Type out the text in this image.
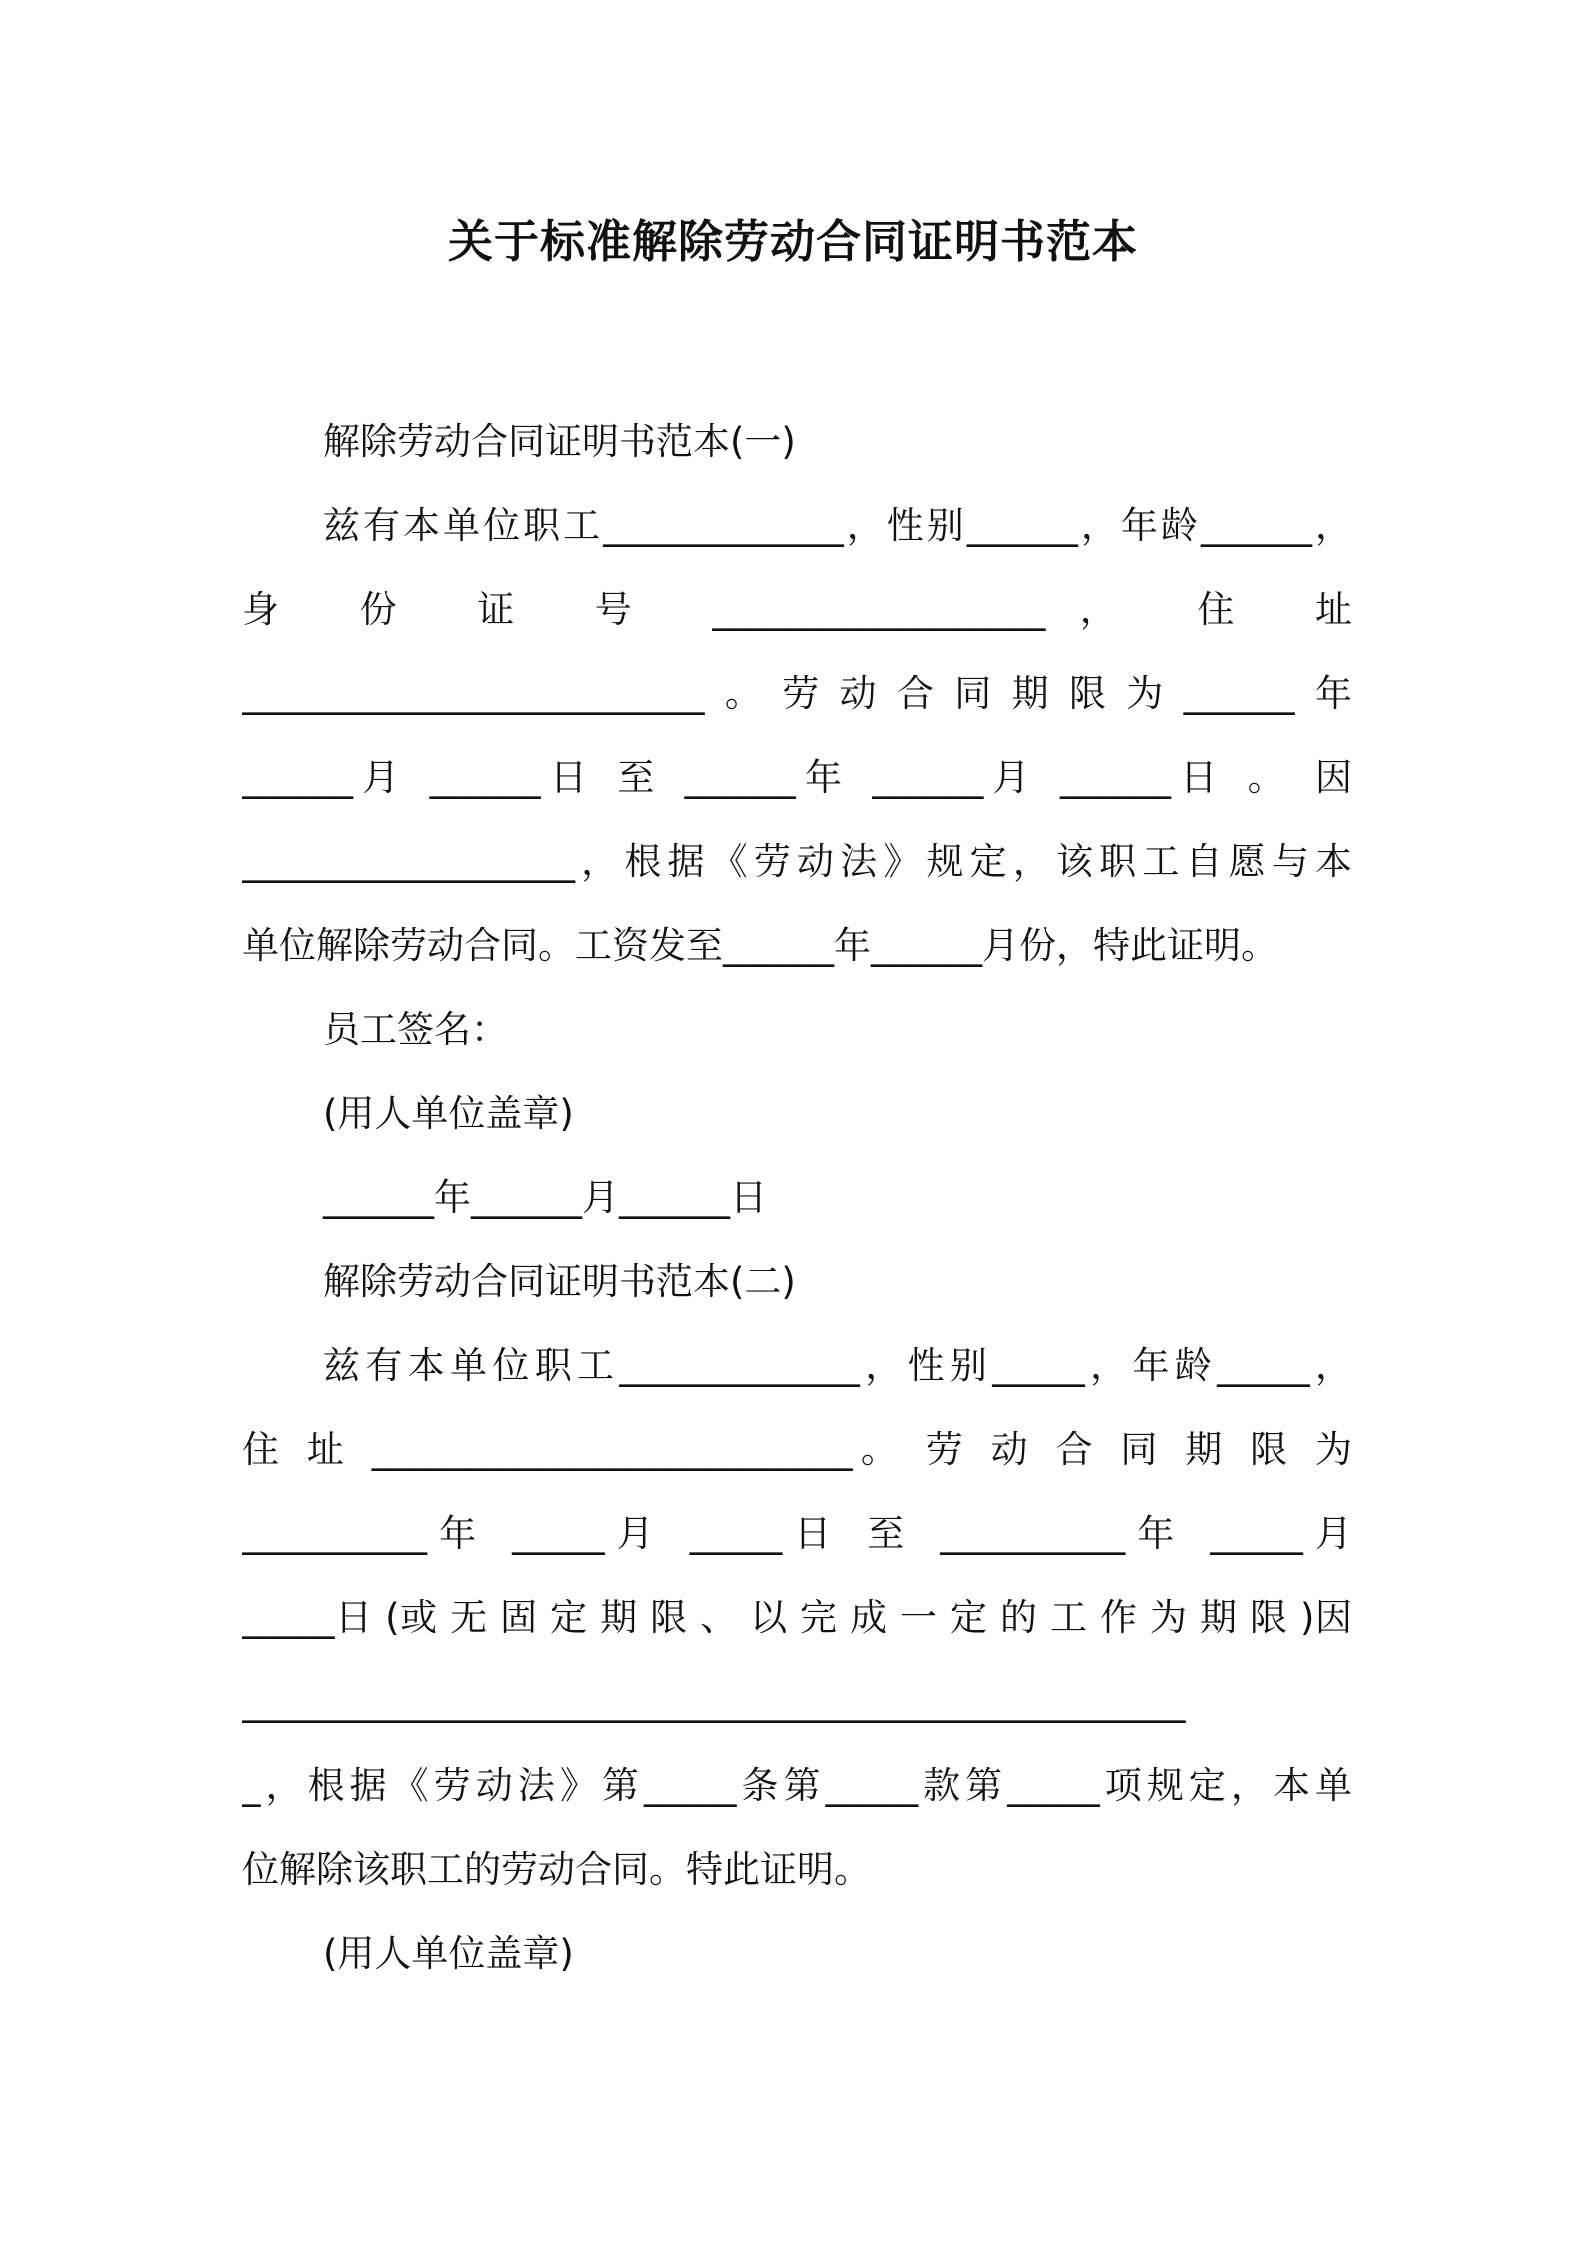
关于标准解除劳动合同证明书范本
解除劳动合同证明书范本(一)
兹有本单位职工_____________，性别______，年龄______，
身 份 证 号 __________________， 住 址
_________________________。劳动合同期限为______年
______月 ______日 至 ______年 ______月 ______日 。 因
__________________，根据《劳动法》规定，该职工自愿与本
单位解除劳动合同。工资发至______年______月份，特此证明。
员工签名：
(用人单位盖章)
______年______月______日
解除劳动合同证明书范本(二)
兹有本单位职工_____________，性别_____，年龄_____，
住 址 __________________________。 劳 动 合 同 期 限 为
__________年 _____月 _____日 至 __________年 _____月
_____日 (或 无 固 定 期 限 、 以 完 成 一 定 的 工 作 为 期 限 )因
___________________________________________________
_，根据《劳动法》第_____条第_____款第_____项规定，本单
位解除该职工的劳动合同。特此证明。
(用人单位盖章)
